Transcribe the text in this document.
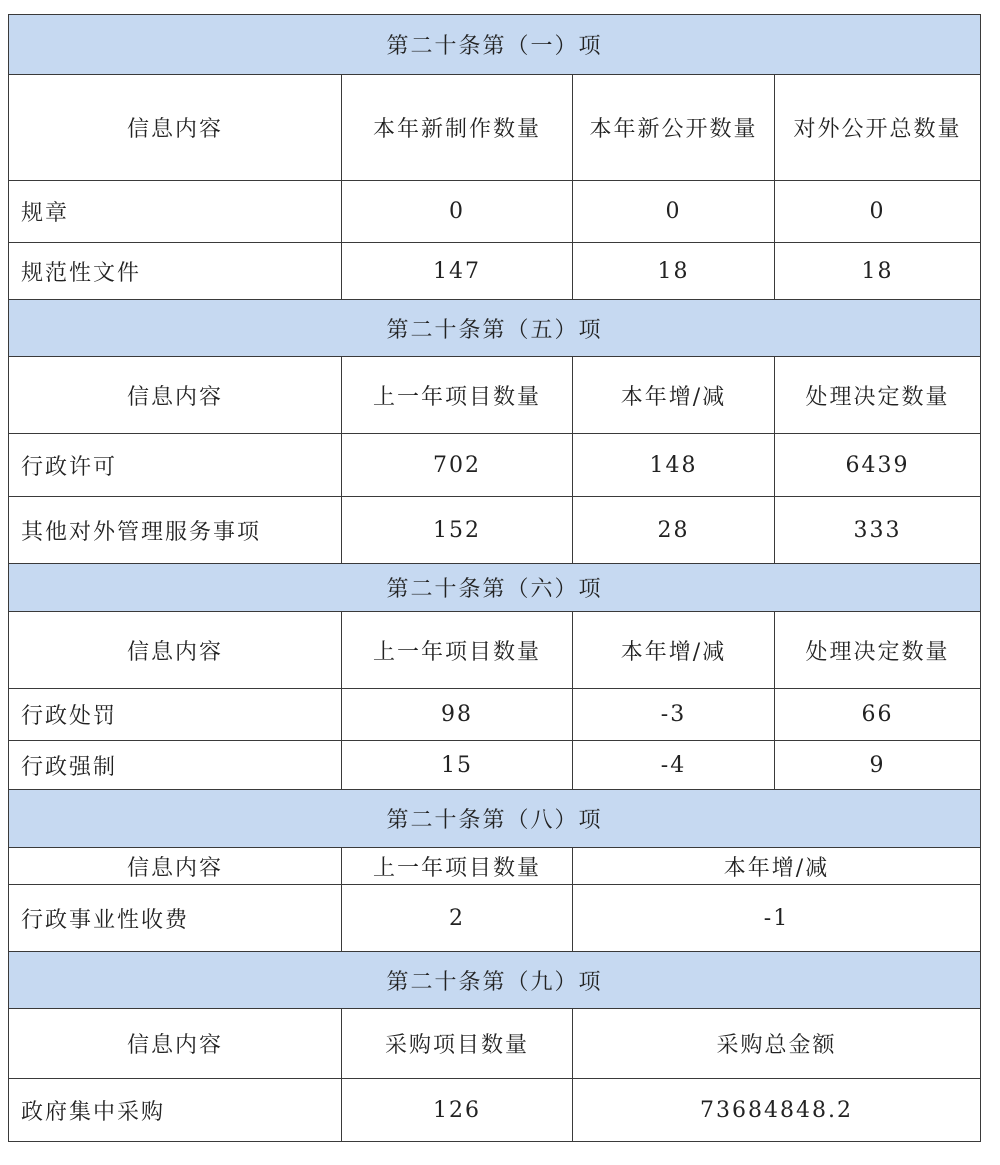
第二十条第（一）项			
信息内容	本年新制作数量	本年新公开数量	对外公开总数量
规章	0	0	0
规范性文件	147	18	18
第二十条第（五）项			
信息内容	上一年项目数量	本年增/减	处理决定数量
行政许可	702	148	6439
其他对外管理服务事项	152	28	333
第二十条第（六）项			
信息内容	上一年项目数量	本年增/减	处理决定数量
行政处罚	98	-3	66
行政强制	15	-4	9
第二十条第（八）项			
信息内容	上一年项目数量	本年增/减	
行政事业性收费	2	-1	
第二十条第（九）项			
信息内容	采购项目数量	采购总金额	
政府集中采购	126	73684848.2	
